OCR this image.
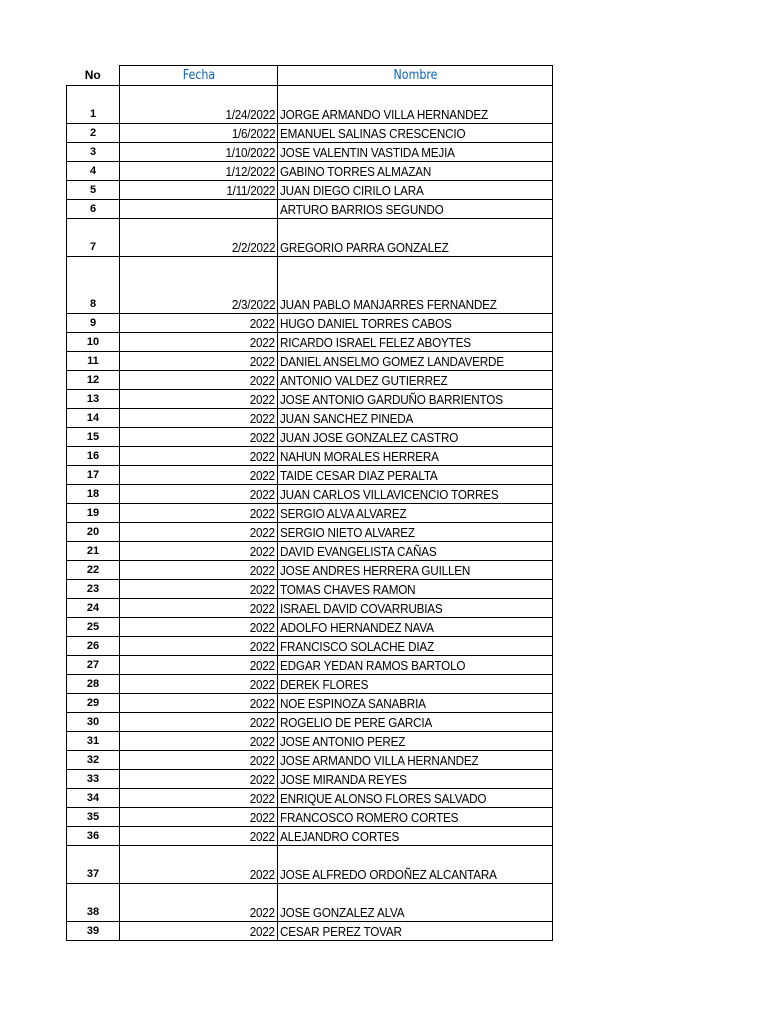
No	Fecha	Nombre
1	1/24/2022	JORGE ARMANDO VILLA HERNANDEZ
2	1/6/2022	EMANUEL SALINAS CRESCENCIO
3	1/10/2022	JOSE VALENTIN VASTIDA MEJIA
4	1/12/2022	GABINO TORRES ALMAZAN
5	1/11/2022	JUAN DIEGO CIRILO LARA
6		ARTURO BARRIOS SEGUNDO
7	2/2/2022	GREGORIO PARRA GONZALEZ
8	2/3/2022	JUAN PABLO MANJARRES FERNANDEZ
9	2022	HUGO DANIEL TORRES CABOS
10	2022	RICARDO ISRAEL FELEZ ABOYTES
11	2022	DANIEL ANSELMO GOMEZ LANDAVERDE
12	2022	ANTONIO VALDEZ GUTIERREZ
13	2022	JOSE ANTONIO GARDUÑO BARRIENTOS
14	2022	JUAN SANCHEZ PINEDA
15	2022	JUAN JOSE GONZALEZ CASTRO
16	2022	NAHUN MORALES HERRERA
17	2022	TAIDE CESAR DIAZ PERALTA
18	2022	JUAN CARLOS VILLAVICENCIO TORRES
19	2022	SERGIO ALVA ALVAREZ
20	2022	SERGIO NIETO ALVAREZ
21	2022	DAVID EVANGELISTA CAÑAS
22	2022	JOSE ANDRES HERRERA GUILLEN
23	2022	TOMAS CHAVES RAMON
24	2022	ISRAEL DAVID COVARRUBIAS
25	2022	ADOLFO HERNANDEZ NAVA
26	2022	FRANCISCO SOLACHE DIAZ
27	2022	EDGAR YEDAN RAMOS BARTOLO
28	2022	DEREK FLORES
29	2022	NOE ESPINOZA SANABRIA
30	2022	ROGELIO DE PERE GARCIA
31	2022	JOSE ANTONIO PEREZ
32	2022	JOSE ARMANDO VILLA HERNANDEZ
33	2022	JOSE MIRANDA REYES
34	2022	ENRIQUE ALONSO FLORES SALVADO
35	2022	FRANCOSCO ROMERO CORTES
36	2022	ALEJANDRO CORTES
37	2022	JOSE ALFREDO ORDOÑEZ ALCANTARA
38	2022	JOSE GONZALEZ ALVA
39	2022	CESAR PEREZ TOVAR
